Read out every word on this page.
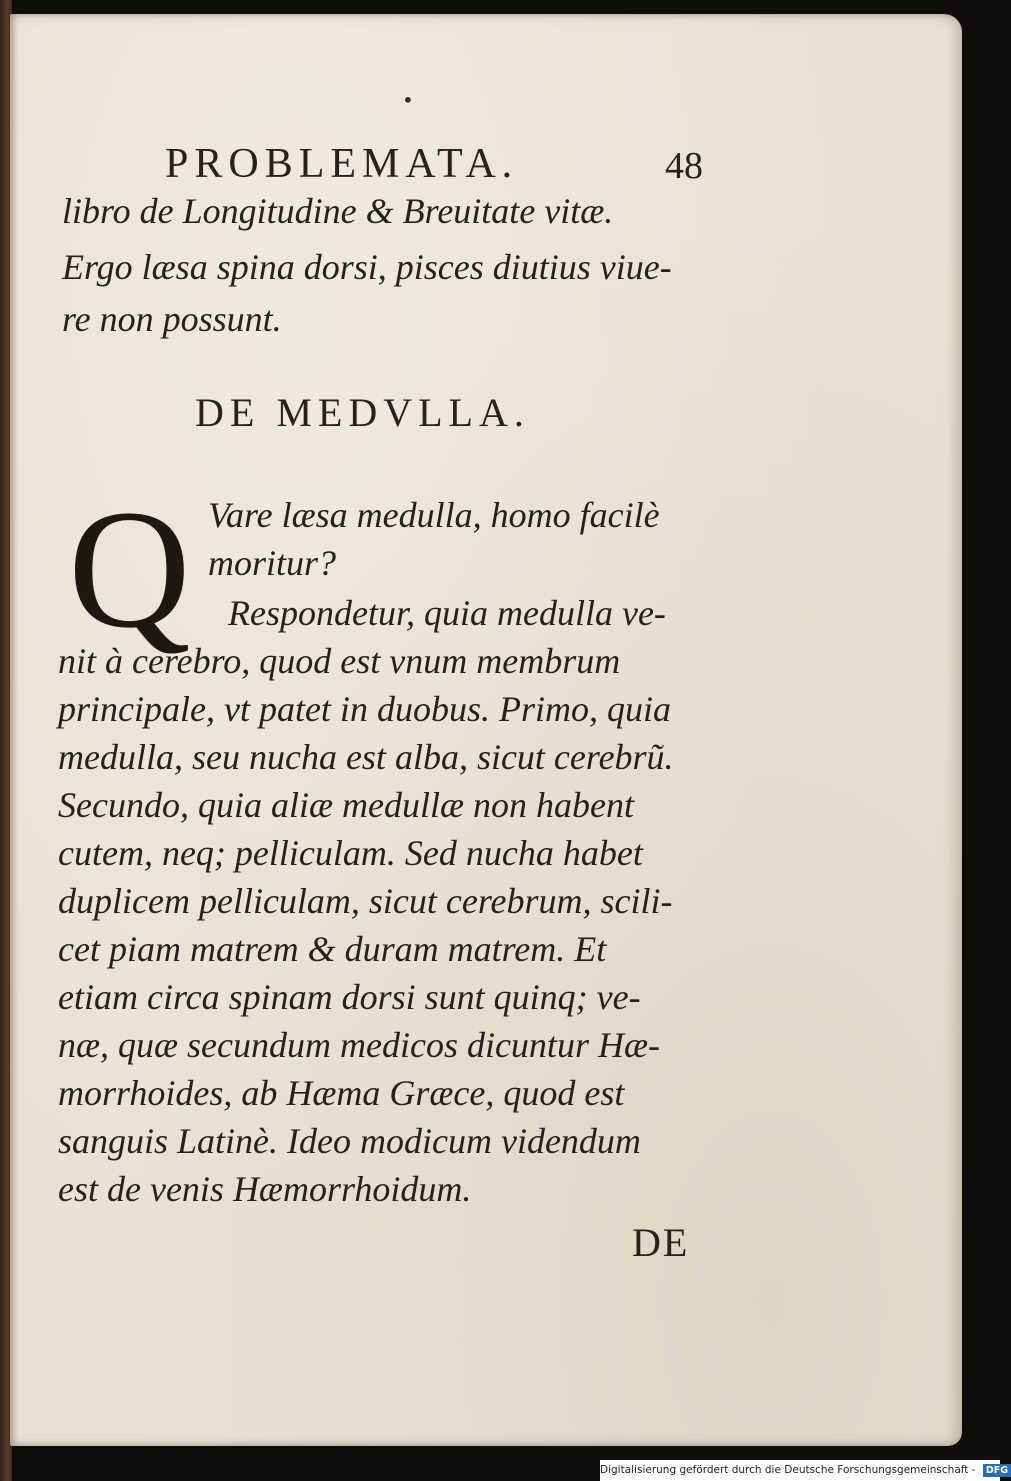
•
PROBLEMATA.	48
libro de Longitudine & Breuitate vitæ.
Ergo læsa spina dorsi, pisces diutius viue-
re non possunt.
DE MEDVLLA.
Q Vare læsa medulla, homo facilè
moritur?
Respondetur, quia medulla ve-
nit à cerebro, quod est vnum membrum
principale, vt patet in duobus. Primo, quia
medulla, seu nucha est alba, sicut cerebrũ.
Secundo, quia aliæ medullæ non habent
cutem, neq; pelliculam. Sed nucha habet
duplicem pelliculam, sicut cerebrum, scili-
cet piam matrem & duram matrem. Et
etiam circa spinam dorsi sunt quinq; ve-
næ, quæ secundum medicos dicuntur Hæ-
morrhoides, ab Hæma Græce, quod est
sanguis Latinè. Ideo modicum videndum
est de venis Hæmorrhoidum.
DE
Digitalisierung gefördert durch die Deutsche Forschungsgemeinschaft - DFG
